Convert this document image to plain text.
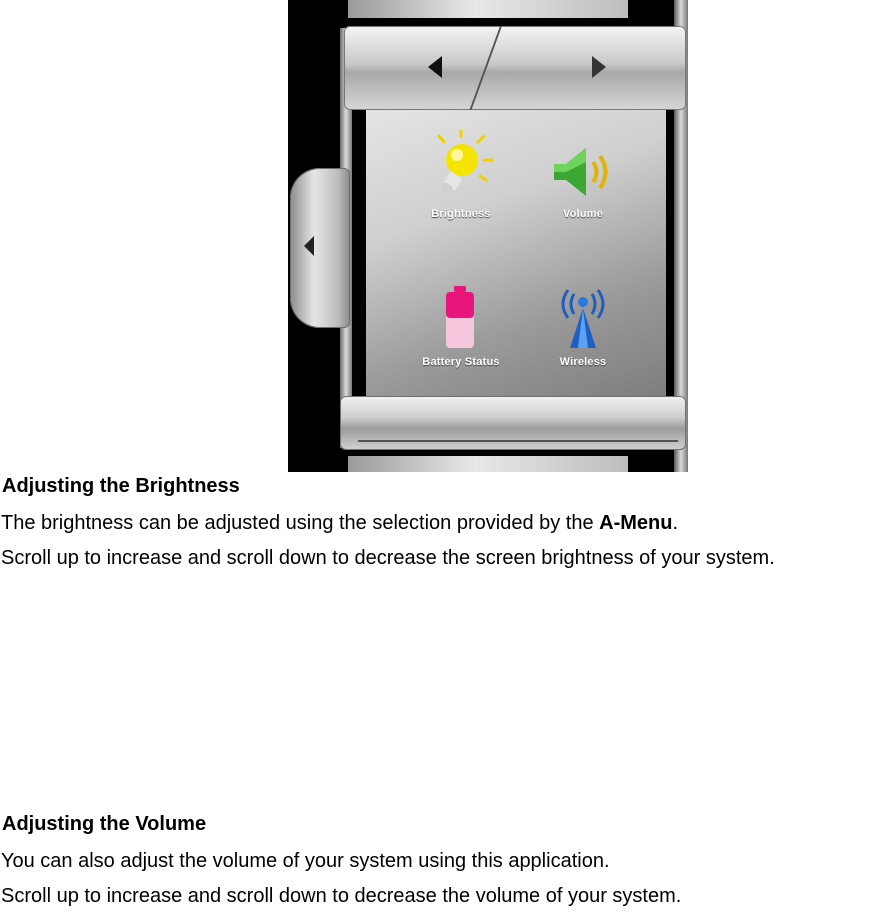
Brightness	Volume
Battery Status	Wireless
Adjusting the Brightness

The brightness can be adjusted using the selection provided by the A-Menu.

Scroll up to increase and scroll down to decrease the screen brightness of your system.

Adjusting the Volume

You can also adjust the volume of your system using this application.

Scroll up to increase and scroll down to decrease the volume of your system.
